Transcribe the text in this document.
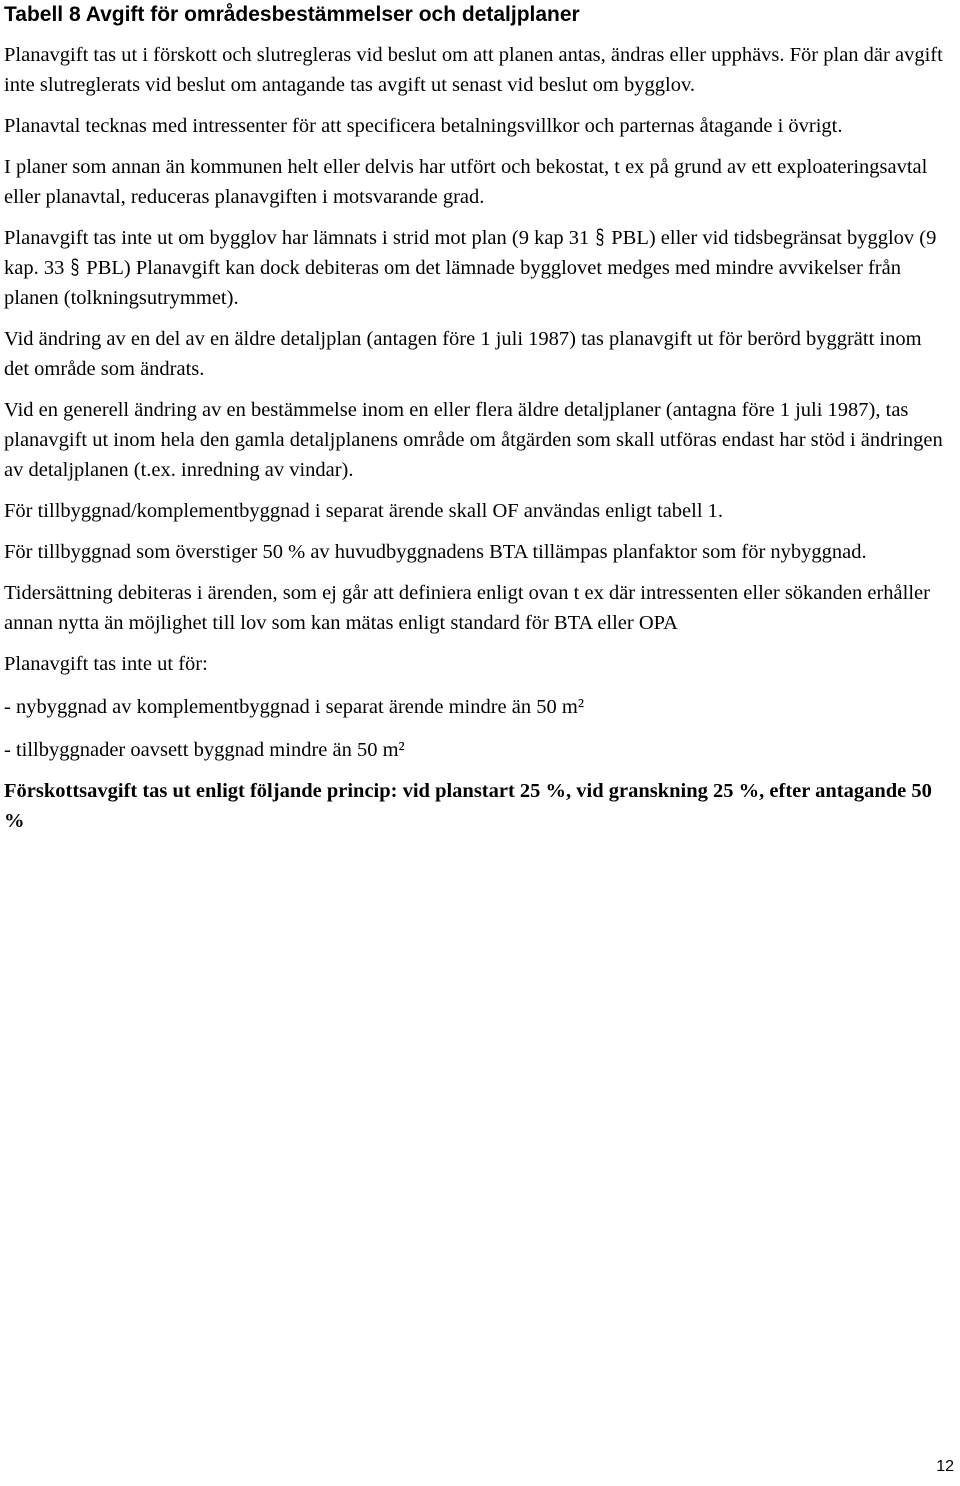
Tabell 8 Avgift för områdesbestämmelser och detaljplaner

Planavgift tas ut i förskott och slutregleras vid beslut om att planen antas, ändras eller upphävs. För plan där avgift inte slutreglerats vid beslut om antagande tas avgift ut senast vid beslut om bygglov.

Planavtal tecknas med intressenter för att specificera betalningsvillkor och parternas åtagande i övrigt.

I planer som annan än kommunen helt eller delvis har utfört och bekostat, t ex på grund av ett exploateringsavtal eller planavtal, reduceras planavgiften i motsvarande grad.

Planavgift tas inte ut om bygglov har lämnats i strid mot plan (9 kap 31 § PBL) eller vid tidsbegränsat bygglov (9 kap. 33 § PBL) Planavgift kan dock debiteras om det lämnade bygglovet medges med mindre avvikelser från planen (tolkningsutrymmet).

Vid ändring av en del av en äldre detaljplan (antagen före 1 juli 1987) tas planavgift ut för berörd byggrätt inom det område som ändrats.

Vid en generell ändring av en bestämmelse inom en eller flera äldre detaljplaner (antagna före 1 juli 1987), tas planavgift ut inom hela den gamla detaljplanens område om åtgärden som skall utföras endast har stöd i ändringen av detaljplanen (t.ex. inredning av vindar).

För tillbyggnad/komplementbyggnad i separat ärende skall OF användas enligt tabell 1.

För tillbyggnad som överstiger 50 % av huvudbyggnadens BTA tillämpas planfaktor som för nybyggnad.

Tidersättning debiteras i ärenden, som ej går att definiera enligt ovan t ex där intressenten eller sökanden erhåller annan nytta än möjlighet till lov som kan mätas enligt standard för BTA eller OPA

Planavgift tas inte ut för:

- nybyggnad av komplementbyggnad i separat ärende mindre än 50 m²

- tillbyggnader oavsett byggnad mindre än 50 m²

Förskottsavgift tas ut enligt följande princip: vid planstart 25 %, vid granskning 25 %, efter antagande 50 %

12
